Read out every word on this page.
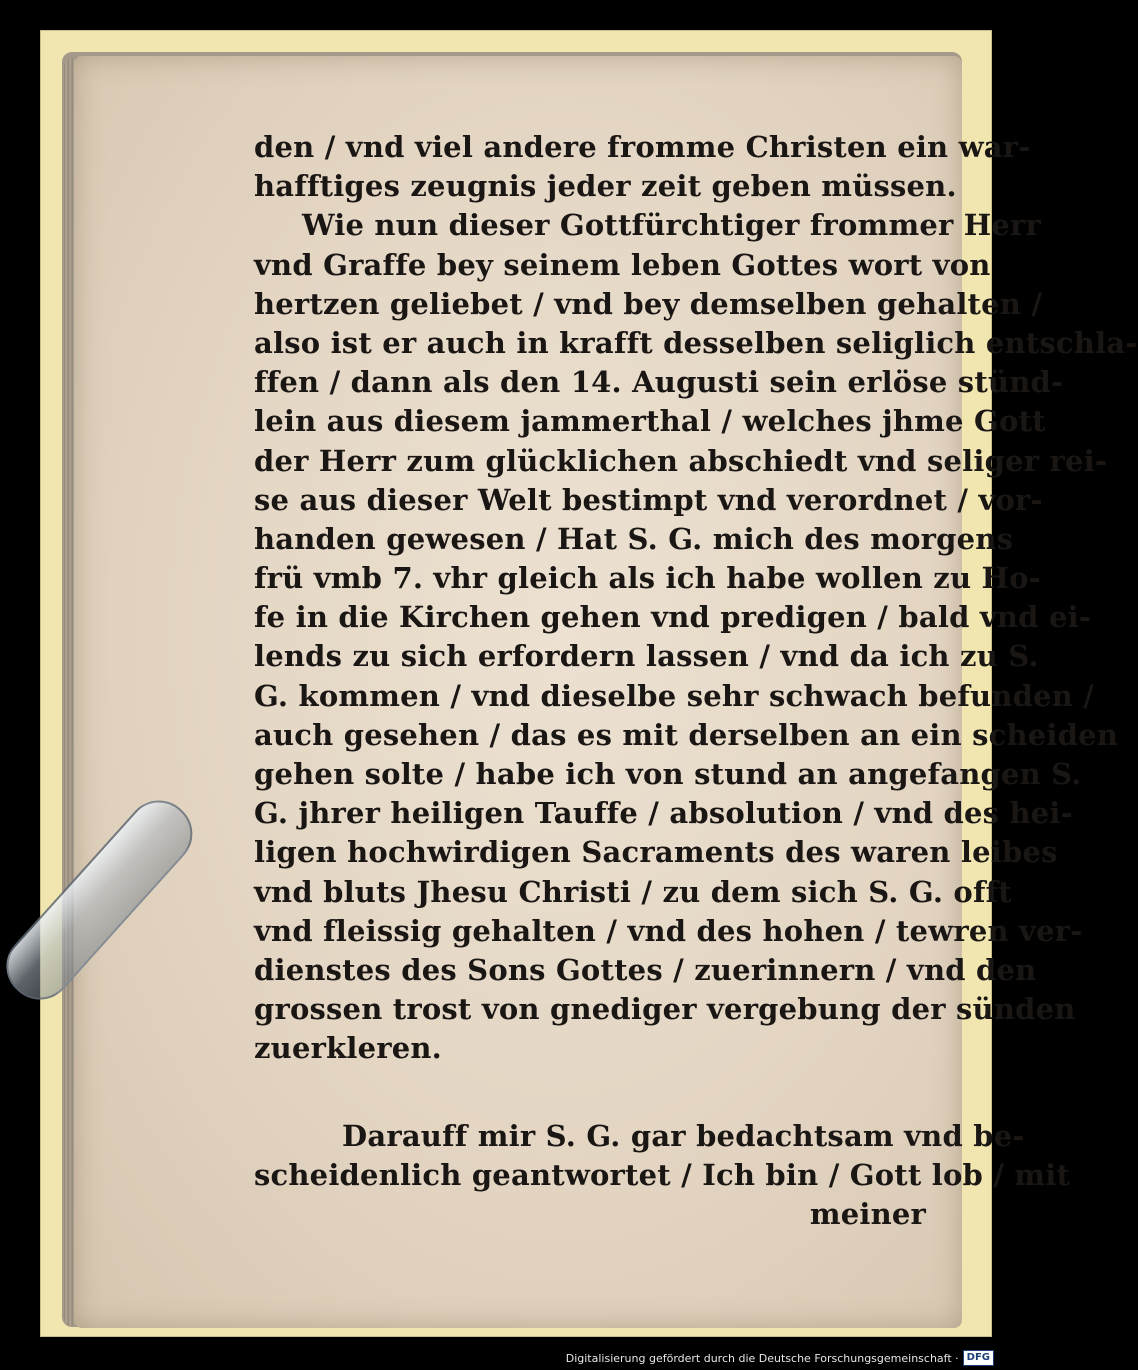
den / vnd viel andere fromme Christen ein war-
hafftiges zeugnis jeder zeit geben müssen.
Wie nun dieser Gottfürchtiger frommer Herr
vnd Graffe bey seinem leben Gottes wort von
hertzen geliebet / vnd bey demselben gehalten /
also ist er auch in krafft desselben seliglich entschla-
ffen / dann als den 14. Augusti sein erlöse stünd-
lein aus diesem jammerthal / welches jhme Gott
der Herr zum glücklichen abschiedt vnd seliger rei-
se aus dieser Welt bestimpt vnd verordnet / vor-
handen gewesen / Hat S. G. mich des morgens
frü vmb 7. vhr gleich als ich habe wollen zu Ho-
fe in die Kirchen gehen vnd predigen / bald vnd ei-
lends zu sich erfordern lassen / vnd da ich zu S.
G. kommen / vnd dieselbe sehr schwach befunden /
auch gesehen / das es mit derselben an ein scheiden
gehen solte / habe ich von stund an angefangen S.
G. jhrer heiligen Tauffe / absolution / vnd des hei-
ligen hochwirdigen Sacraments des waren leibes
vnd bluts Jhesu Christi / zu dem sich S. G. offt
vnd fleissig gehalten / vnd des hohen / tewren ver-
dienstes des Sons Gottes / zuerinnern / vnd den
grossen trost von gnediger vergebung der sünden
zuerkleren.
Darauff mir S. G. gar bedachtsam vnd be-
scheidenlich geantwortet / Ich bin / Gott lob / mit
meiner
Digitalisierung gefördert durch die Deutsche Forschungsgemeinschaft · DFG
